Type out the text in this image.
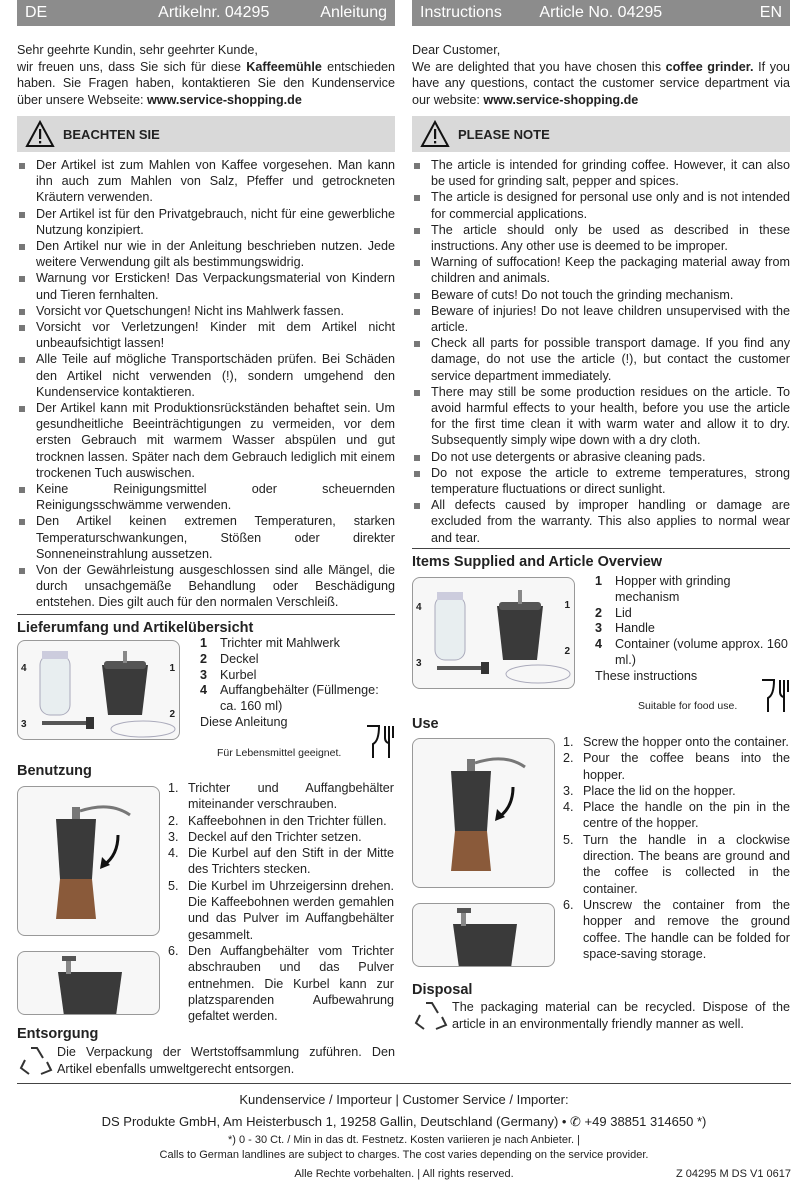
DE	Artikelnr. 04295	Anleitung

Sehr geehrte Kundin, sehr geehrter Kunde,

wir freuen uns, dass Sie sich für diese Kaffeemühle entschieden haben. Sie Fragen haben, kontaktieren Sie den Kundenservice über unsere Webseite: www.service-shopping.de

BEACHTEN SIE
Der Artikel ist zum Mahlen von Kaffee vorgesehen. Man kann ihn auch zum Mahlen von Salz, Pfeffer und getrockneten Kräutern verwenden.
Der Artikel ist für den Privatgebrauch, nicht für eine gewerbliche Nutzung konzipiert.
Den Artikel nur wie in der Anleitung beschrieben nutzen. Jede weitere Verwendung gilt als bestimmungswidrig.
Warnung vor Ersticken! Das Verpackungsmaterial von Kindern und Tieren fernhalten.
Vorsicht vor Quetschungen! Nicht ins Mahlwerk fassen.
Vorsicht vor Verletzungen! Kinder mit dem Artikel nicht unbeaufsichtigt lassen!
Alle Teile auf mögliche Transportschäden prüfen. Bei Schäden den Artikel nicht verwenden (!), sondern umgehend den Kundenservice kontaktieren.
Der Artikel kann mit Produktionsrückständen behaftet sein. Um gesundheitliche Beeinträchtigungen zu vermeiden, vor dem ersten Gebrauch mit warmem Wasser abspülen und gut trocknen lassen. Später nach dem Gebrauch lediglich mit einem trockenen Tuch auswischen.
Keine Reinigungsmittel oder scheuernden Reinigungsschwämme verwenden.
Den Artikel keinen extremen Temperaturen, starken Temperaturschwankungen, Stößen oder direkter Sonneneinstrahlung aussetzen.
Von der Gewährleistung ausgeschlossen sind alle Mängel, die durch unsachgemäße Behandlung oder Beschädigung entstehen. Dies gilt auch für den normalen Verschleiß.
Lieferumfang und Artikelübersicht
4	1
2
3
1	Trichter mit Mahlwerk
2	Deckel
3	Kurbel
4	Auffangbehälter (Füllmenge: ca. 160 ml)
Diese Anleitung
Für Lebensmittel geeignet.
Benutzung
1. Trichter und Auffangbehälter miteinander verschrauben.
2. Kaffeebohnen in den Trichter füllen.
3. Deckel auf den Trichter setzen.
4. Die Kurbel auf den Stift in der Mitte des Trichters stecken.
5. Die Kurbel im Uhrzeigersinn drehen. Die Kaffeebohnen werden gemahlen und das Pulver im Auffangbehälter gesammelt.
6. Den Auffangbehälter vom Trichter abschrauben und das Pulver entnehmen. Die Kurbel kann zur platzsparenden Aufbewahrung gefaltet werden.
Entsorgung
Die Verpackung der Wertstoffsammlung zuführen. Den Artikel ebenfalls umweltgerecht entsorgen.
Instructions Article No. 04295	EN

Dear Customer,

We are delighted that you have chosen this coffee grinder. If you have any questions, contact the customer service department via our website: www.service-shopping.de

PLEASE NOTE
The article is intended for grinding coffee. However, it can also be used for grinding salt, pepper and spices.
The article is designed for personal use only and is not intended for commercial applications.
The article should only be used as described in these instructions. Any other use is deemed to be improper.
Warning of suffocation! Keep the packaging material away from children and animals.
Beware of cuts! Do not touch the grinding mechanism.
Beware of injuries! Do not leave children unsupervised with the article.
Check all parts for possible transport damage. If you find any damage, do not use the article (!), but contact the customer service department immediately.
There may still be some production residues on the article. To avoid harmful effects to your health, before you use the article for the first time clean it with warm water and allow it to dry. Subsequently simply wipe down with a dry cloth.
Do not use detergents or abrasive cleaning pads.
Do not expose the article to extreme temperatures, strong temperature fluctuations or direct sunlight.
All defects caused by improper handling or damage are excluded from the warranty. This also applies to normal wear and tear.
Items Supplied and Article Overview
4	1
2
3
1	Hopper with grinding mechanism
2	Lid
3	Handle
4	Container (volume approx. 160 ml.)
These instructions
Suitable for food use.
Use
1. Screw the hopper onto the container.
2. Pour the coffee beans into the hopper.
3. Place the lid on the hopper.
4. Place the handle on the pin in the centre of the hopper.
5. Turn the handle in a clockwise direction. The beans are ground and the coffee is collected in the container.
6. Unscrew the container from the hopper and remove the ground coffee. The handle can be folded for space-saving storage.
Disposal
The packaging material can be recycled. Dispose of the article in an environmentally friendly manner as well.
Kundenservice / Importeur | Customer Service / Importer:
DS Produkte GmbH, Am Heisterbusch 1, 19258 Gallin, Deutschland (Germany) • ✆ +49 38851 314650 *)
*) 0 - 30 Ct. / Min in das dt. Festnetz. Kosten variieren je nach Anbieter. |
Calls to German landlines are subject to charges. The cost varies depending on the service provider.
Alle Rechte vorbehalten. | All rights reserved.	Z 04295 M DS V1 0617
